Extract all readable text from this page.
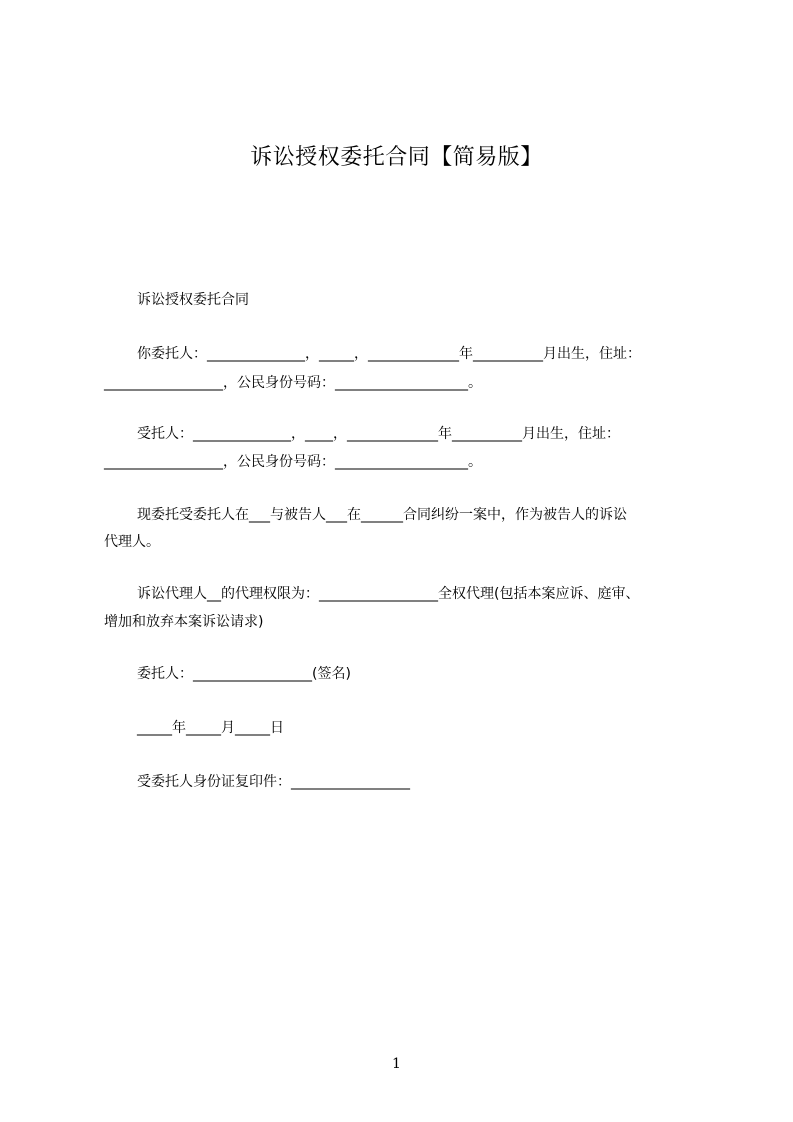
诉讼授权委托合同【简易版】
诉讼授权委托合同
你委托人：______________，_____，_____________年__________月出生，住址：
_________________，公民身份号码：___________________。
受托人：______________，____，_____________年__________月出生，住址：
_________________，公民身份号码：___________________。
现委托受委托人在___与被告人___在______合同纠纷一案中，作为被告人的诉讼
代理人。
诉讼代理人__的代理权限为：_________________全权代理(包括本案应诉、庭审、
增加和放弃本案诉讼请求)
委托人：_________________(签名)
_____年_____月_____日
受委托人身份证复印件：_________________
1
